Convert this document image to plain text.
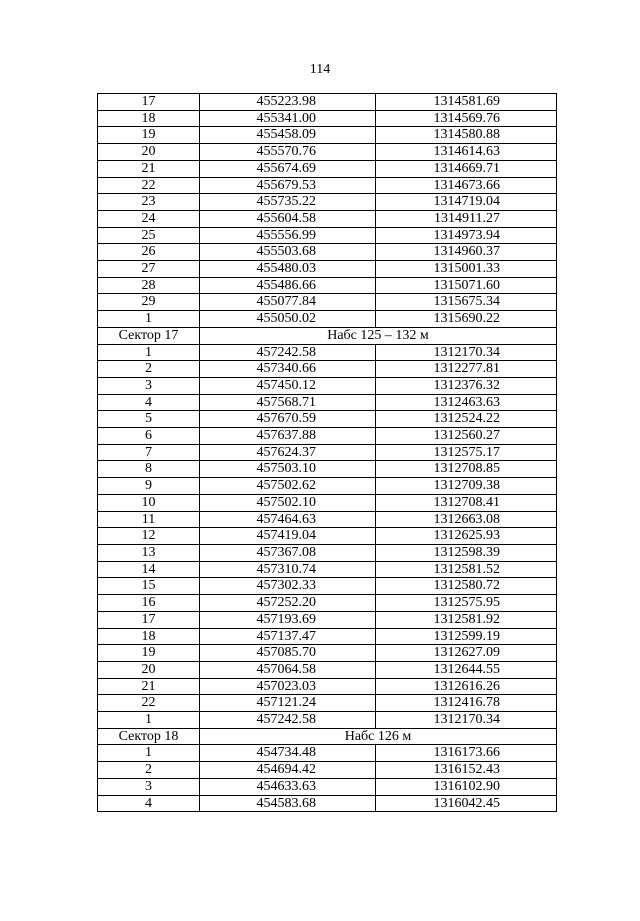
114
17	455223.98	1314581.69
18	455341.00	1314569.76
19	455458.09	1314580.88
20	455570.76	1314614.63
21	455674.69	1314669.71
22	455679.53	1314673.66
23	455735.22	1314719.04
24	455604.58	1314911.27
25	455556.99	1314973.94
26	455503.68	1314960.37
27	455480.03	1315001.33
28	455486.66	1315071.60
29	455077.84	1315675.34
1	455050.02	1315690.22
Сектор 17	Набс 125 – 132 м	
1	457242.58	1312170.34
2	457340.66	1312277.81
3	457450.12	1312376.32
4	457568.71	1312463.63
5	457670.59	1312524.22
6	457637.88	1312560.27
7	457624.37	1312575.17
8	457503.10	1312708.85
9	457502.62	1312709.38
10	457502.10	1312708.41
11	457464.63	1312663.08
12	457419.04	1312625.93
13	457367.08	1312598.39
14	457310.74	1312581.52
15	457302.33	1312580.72
16	457252.20	1312575.95
17	457193.69	1312581.92
18	457137.47	1312599.19
19	457085.70	1312627.09
20	457064.58	1312644.55
21	457023.03	1312616.26
22	457121.24	1312416.78
1	457242.58	1312170.34
Сектор 18	Набс 126 м	
1	454734.48	1316173.66
2	454694.42	1316152.43
3	454633.63	1316102.90
4	454583.68	1316042.45
